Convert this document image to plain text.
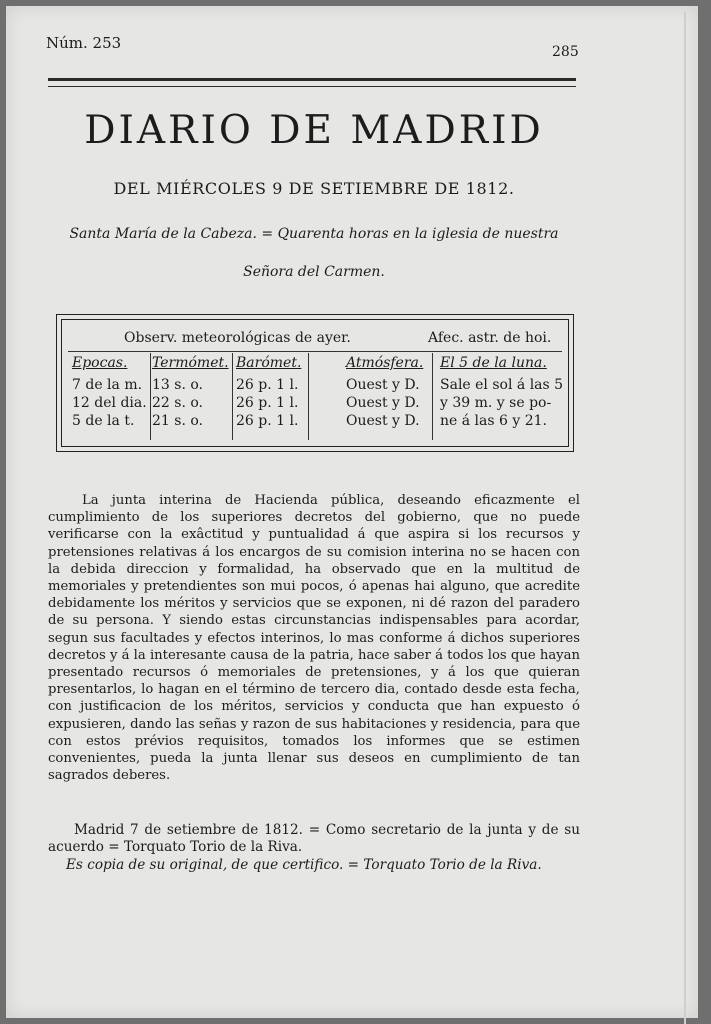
Núm. 253	285
DIARIO DE MADRID
DEL MIÉRCOLES 9 DE SETIEMBRE DE 1812.
Santa María de la Cabeza. = Quarenta horas en la iglesia de nuestra
Señora del Carmen.
Observ. meteorológicas de ayer.	Afec. astr. de hoi.
Epocas.
7 de la m.
12 del dia.
5 de la t.
Termómet.
13 s. o.
22 s. o.
21 s. o.
Barómet.
26 p. 1 l.
26 p. 1 l.
26 p. 1 l.
Atmósfera.
Ouest y D.
Ouest y D.
Ouest y D.
El 5 de la luna.
Sale el sol á las 5
y 39 m. y se po-
ne á las 6 y 21.

La junta interina de Hacienda pública, deseando eficazmente el cumplimiento de los superiores decretos del gobierno, que no puede verificarse con la exâctitud y puntualidad á que aspira si los recursos y pretensiones relativas á los encargos de su comision interina no se hacen con la debida direccion y formalidad, ha observado que en la multitud de memoriales y pretendientes son mui pocos, ó apenas hai alguno, que acredite debidamente los méritos y servicios que se exponen, ni dé razon del paradero de su persona. Y siendo estas circunstancias indispensables para acordar, segun sus facultades y efectos interinos, lo mas conforme á dichos superiores decretos y á la interesante causa de la patria, hace saber á todos los que hayan presentado recursos ó memoriales de pretensiones, y á los que quieran presentarlos, lo hagan en el término de tercero dia, contado desde esta fecha, con justificacion de los méritos, servicios y conducta que han expuesto ó expusieren, dando las señas y razon de sus habitaciones y residencia, para que con estos prévios requisitos, tomados los informes que se estimen convenientes, pueda la junta llenar sus deseos en cumplimiento de tan sagrados deberes.

Madrid 7 de setiembre de 1812. = Como secretario de la junta y de su acuerdo = Torquato Torio de la Riva.

Es copia de su original, de que certifico. = Torquato Torio de la Riva.
